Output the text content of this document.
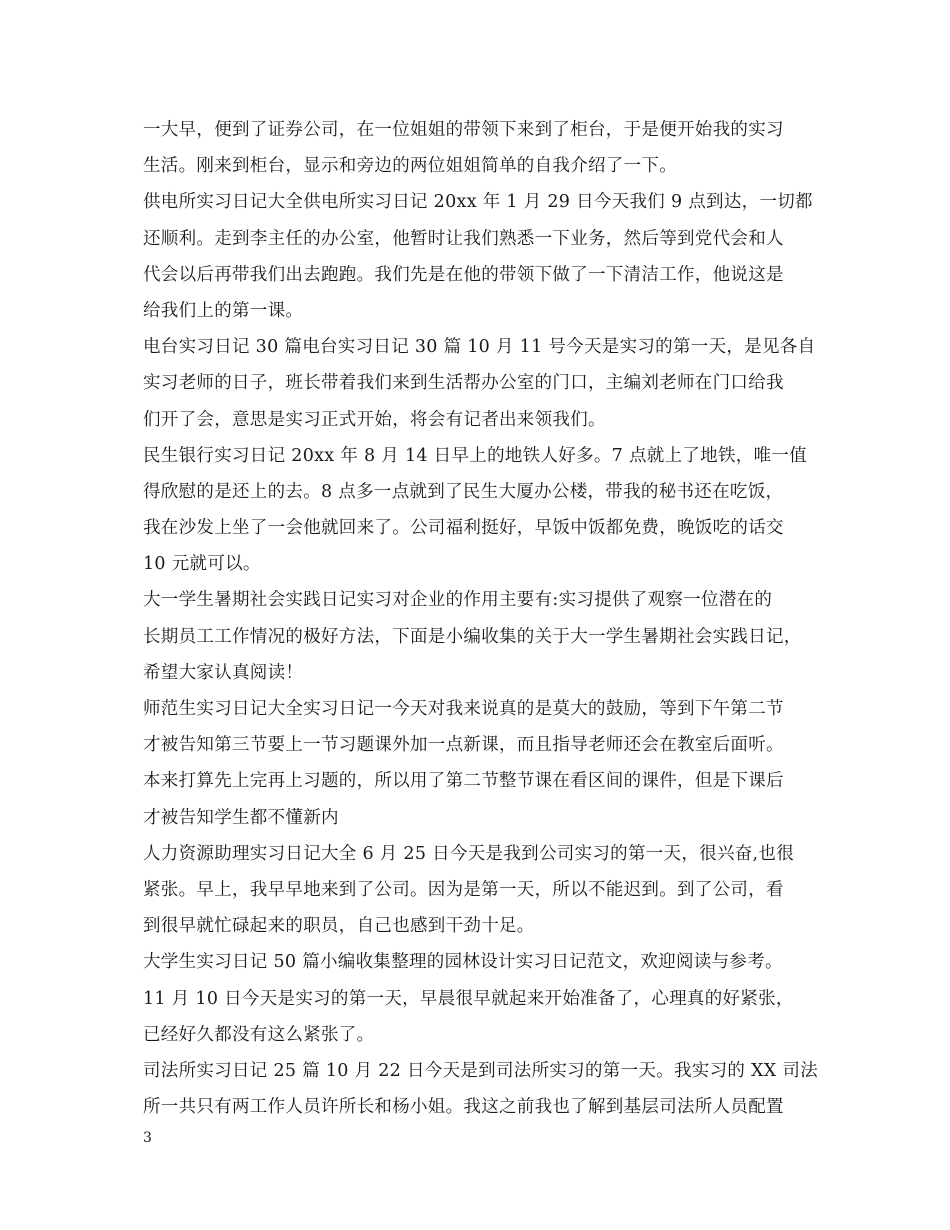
一大早，便到了证券公司，在一位姐姐的带领下来到了柜台，于是便开始我的实习
生活。刚来到柜台，显示和旁边的两位姐姐简单的自我介绍了一下。
供电所实习日记大全供电所实习日记 20xx 年 1 月 29 日今天我们 9 点到达，一切都
还顺利。走到李主任的办公室，他暂时让我们熟悉一下业务，然后等到党代会和人
代会以后再带我们出去跑跑。我们先是在他的带领下做了一下清洁工作，他说这是
给我们上的第一课。
电台实习日记 30 篇电台实习日记 30 篇 10 月 11 号今天是实习的第一天，是见各自
实习老师的日子，班长带着我们来到生活帮办公室的门口，主编刘老师在门口给我
们开了会，意思是实习正式开始，将会有记者出来领我们。
民生银行实习日记 20xx 年 8 月 14 日早上的地铁人好多。7 点就上了地铁，唯一值
得欣慰的是还上的去。8 点多一点就到了民生大厦办公楼，带我的秘书还在吃饭，
我在沙发上坐了一会他就回来了。公司福利挺好，早饭中饭都免费，晚饭吃的话交
10 元就可以。
大一学生暑期社会实践日记实习对企业的作用主要有:实习提供了观察一位潜在的
长期员工工作情况的极好方法，下面是小编收集的关于大一学生暑期社会实践日记，
希望大家认真阅读！
师范生实习日记大全实习日记一今天对我来说真的是莫大的鼓励，等到下午第二节
才被告知第三节要上一节习题课外加一点新课，而且指导老师还会在教室后面听。
本来打算先上完再上习题的，所以用了第二节整节课在看区间的课件，但是下课后
才被告知学生都不懂新内
人力资源助理实习日记大全 6 月 25 日今天是我到公司实习的第一天，很兴奋,也很
紧张。早上，我早早地来到了公司。因为是第一天，所以不能迟到。到了公司，看
到很早就忙碌起来的职员，自己也感到干劲十足。
大学生实习日记 50 篇小编收集整理的园林设计实习日记范文，欢迎阅读与参考。
11 月 10 日今天是实习的第一天，早晨很早就起来开始准备了，心理真的好紧张，
已经好久都没有这么紧张了。
司法所实习日记 25 篇 10 月 22 日今天是到司法所实习的第一天。我实习的 XX 司法
所一共只有两工作人员许所长和杨小姐。我这之前我也了解到基层司法所人员配置
3
